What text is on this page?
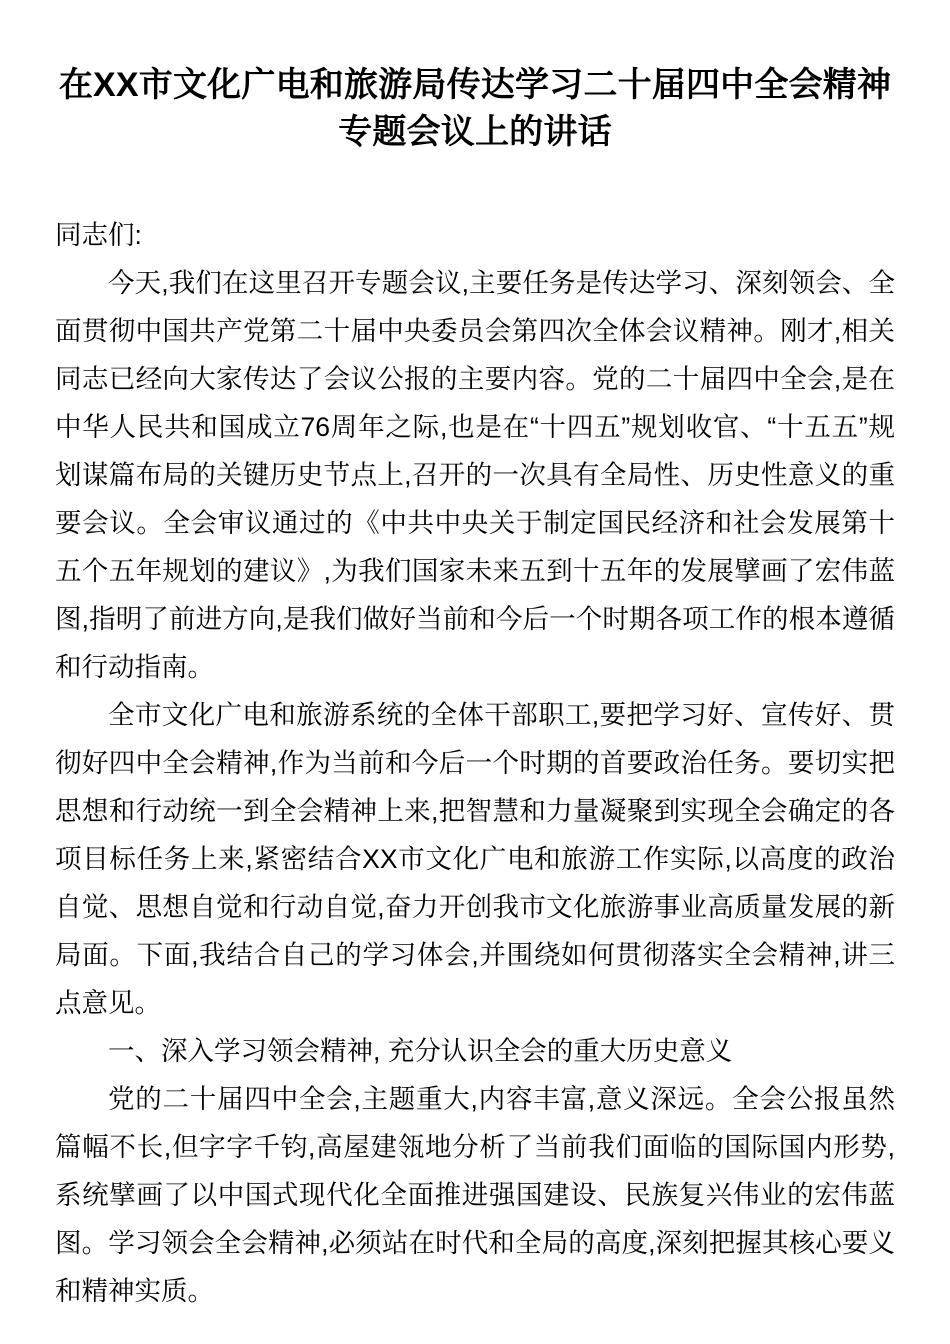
在XX市文化广电和旅游局传达学习二十届四中全会精神专题会议上的讲话

同志们:

今天,我们在这里召开专题会议,主要任务是传达学习、深刻领会、全面贯彻中国共产党第二十届中央委员会第四次全体会议精神。刚才,相关同志已经向大家传达了会议公报的主要内容。党的二十届四中全会,是在中华人民共和国成立76周年之际,也是在“十四五”规划收官、“十五五”规划谋篇布局的关键历史节点上,召开的一次具有全局性、历史性意义的重要会议。全会审议通过的《中共中央关于制定国民经济和社会发展第十五个五年规划的建议》,为我们国家未来五到十五年的发展擘画了宏伟蓝图,指明了前进方向,是我们做好当前和今后一个时期各项工作的根本遵循和行动指南。

全市文化广电和旅游系统的全体干部职工,要把学习好、宣传好、贯彻好四中全会精神,作为当前和今后一个时期的首要政治任务。要切实把思想和行动统一到全会精神上来,把智慧和力量凝聚到实现全会确定的各项目标任务上来,紧密结合XX市文化广电和旅游工作实际,以高度的政治自觉、思想自觉和行动自觉,奋力开创我市文化旅游事业高质量发展的新局面。下面,我结合自己的学习体会,并围绕如何贯彻落实全会精神,讲三点意见。

一、深入学习领会精神, 充分认识全会的重大历史意义

党的二十届四中全会,主题重大,内容丰富,意义深远。全会公报虽然篇幅不长,但字字千钧,高屋建瓴地分析了当前我们面临的国际国内形势,系统擘画了以中国式现代化全面推进强国建设、民族复兴伟业的宏伟蓝图。学习领会全会精神,必须站在时代和全局的高度,深刻把握其核心要义和精神实质。
